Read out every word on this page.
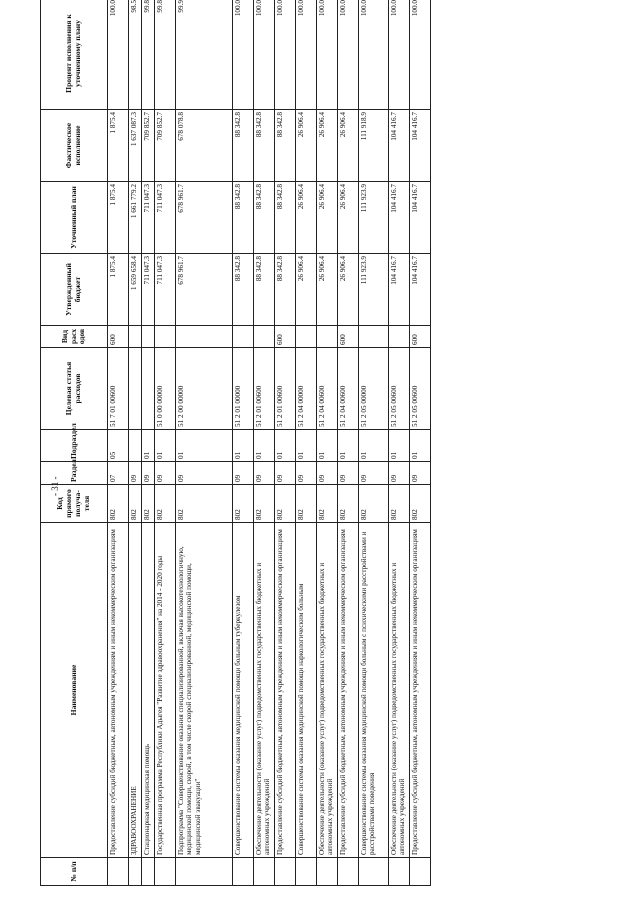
№ п/п	Наименование	Код прямого получа-теля	Раздел	Подраздел	Целевая статья расходов	Вид расх одов	Утвержденный бюджет	Уточненный план	Фактическое исполнение	Процент исполнения к уточненному плану
	Предоставление субсидий бюджетным, автономным учреждениям и иным некоммерческим организациям	802	07	05	51 7 01 00600	600	1 875.4	1 875.4	1 875.4	100.0
	ЗДРАВООХРАНЕНИЕ	802	09				1 659 658.4	1 661 779.2	1 637 087.3	98.5
	Стационарная медицинская помощь	802	09	01			711 047.3	711 047.3	709 852.7	99.8
	Государственная программа Республики Адыгея "Развитие здравоохранения" на 2014 - 2020 годы	802	09	01	51 0 00 00000		711 047.3	711 047.3	709 852.7	99.8
	Подпрограмма "Совершенствование оказания специализированной, включая высокотехнологичную, медицинской помощи, скорой, в том числе скорой специализированной, медицинской помощи, медицинской эвакуации"	802	09	01	51 2 00 00000		678 961.7	678 961.7	678 078.8	99.9
	Совершенствование системы оказания медицинской помощи больным туберкулезом	802	09	01	51 2 01 00000		88 342.8	88 342.8	88 342.8	100.0
	Обеспечение деятельности (оказание услуг) подведомственных государственных бюджетных и автономных учреждений	802	09	01	51 2 01 00600		88 342.8	88 342.8	88 342.8	100.0
	Предоставление субсидий бюджетным, автономным учреждениям и иным некоммерческим организациям	802	09	01	51 2 01 00600	600	88 342.8	88 342.8	88 342.8	100.0
	Совершенствование системы оказания медицинской помощи наркологическим больным	802	09	01	51 2 04 00000		26 906.4	26 906.4	26 906.4	100.0
	Обеспечение деятельности (оказание услуг) подведомственных государственных бюджетных и автономных учреждений	802	09	01	51 2 04 00600		26 906.4	26 906.4	26 906.4	100.0
	Предоставление субсидий бюджетным, автономным учреждениям и иным некоммерческим организациям	802	09	01	51 2 04 00600	600	26 906.4	26 906.4	26 906.4	100.0
	Совершенствование системы оказания медицинской помощи больным с психическими расстройствами и расстройствами поведения	802	09	01	51 2 05 00000		111 923.9	111 923.9	111 918.9	100.0
	Обеспечение деятельности (оказание услуг) подведомственных государственных бюджетных и автономных учреждений	802	09	01	51 2 05 00600		104 416.7	104 416.7	104 416.7	100.0
	Предоставление субсидий бюджетным, автономным учреждениям и иным некоммерческим организациям	802	09	01	51 2 05 00600	600	104 416.7	104 416.7	104 416.7	100.0
- 31 -
